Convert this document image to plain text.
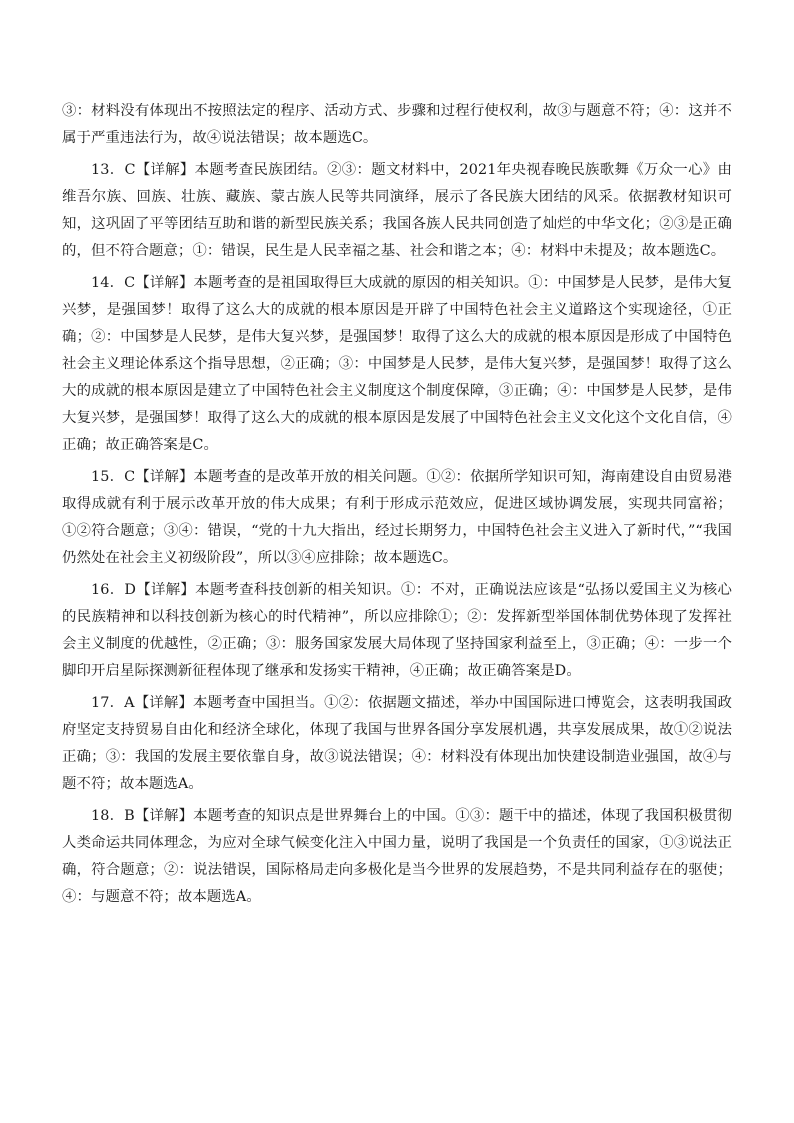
③：材料没有体现出不按照法定的程序、活动方式、步骤和过程行使权利，故③与题意不符；④：这并不属于严重违法行为，故④说法错误；故本题选C。

13．C【详解】本题考查民族团结。②③：题文材料中，2021年央视春晚民族歌舞《万众一心》由维吾尔族、回族、壮族、藏族、蒙古族人民等共同演绎，展示了各民族大团结的风采。依据教材知识可知，这巩固了平等团结互助和谐的新型民族关系；我国各族人民共同创造了灿烂的中华文化；②③是正确的，但不符合题意；①：错误，民生是人民幸福之基、社会和谐之本；④：材料中未提及；故本题选C。

14．C【详解】本题考查的是祖国取得巨大成就的原因的相关知识。①：中国梦是人民梦，是伟大复兴梦，是强国梦！取得了这么大的成就的根本原因是开辟了中国特色社会主义道路这个实现途径，①正确；②：中国梦是人民梦，是伟大复兴梦，是强国梦！取得了这么大的成就的根本原因是形成了中国特色社会主义理论体系这个指导思想，②正确；③：中国梦是人民梦，是伟大复兴梦，是强国梦！取得了这么大的成就的根本原因是建立了中国特色社会主义制度这个制度保障，③正确；④：中国梦是人民梦，是伟大复兴梦，是强国梦！取得了这么大的成就的根本原因是发展了中国特色社会主义文化这个文化自信，④正确；故正确答案是C。

15．C【详解】本题考查的是改革开放的相关问题。①②：依据所学知识可知，海南建设自由贸易港取得成就有利于展示改革开放的伟大成果；有利于形成示范效应，促进区域协调发展，实现共同富裕；①②符合题意；③④：错误，“党的十九大指出，经过长期努力，中国特色社会主义进入了新时代，”“我国仍然处在社会主义初级阶段”，所以③④应排除；故本题选C。

16．D【详解】本题考查科技创新的相关知识。①：不对，正确说法应该是“弘扬以爱国主义为核心的民族精神和以科技创新为核心的时代精神”，所以应排除①；②：发挥新型举国体制优势体现了发挥社会主义制度的优越性，②正确；③：服务国家发展大局体现了坚持国家利益至上，③正确；④：一步一个脚印开启星际探测新征程体现了继承和发扬实干精神，④正确；故正确答案是D。

17．A【详解】本题考查中国担当。①②：依据题文描述，举办中国国际进口博览会，这表明我国政府坚定支持贸易自由化和经济全球化，体现了我国与世界各国分享发展机遇，共享发展成果，故①②说法正确；③：我国的发展主要依靠自身，故③说法错误；④：材料没有体现出加快建设制造业强国，故④与题不符；故本题选A。

18．B【详解】本题考查的知识点是世界舞台上的中国。①③：题干中的描述，体现了我国积极贯彻人类命运共同体理念，为应对全球气候变化注入中国力量，说明了我国是一个负责任的国家，①③说法正确，符合题意；②：说法错误，国际格局走向多极化是当今世界的发展趋势，不是共同利益存在的驱使；④：与题意不符；故本题选A。
